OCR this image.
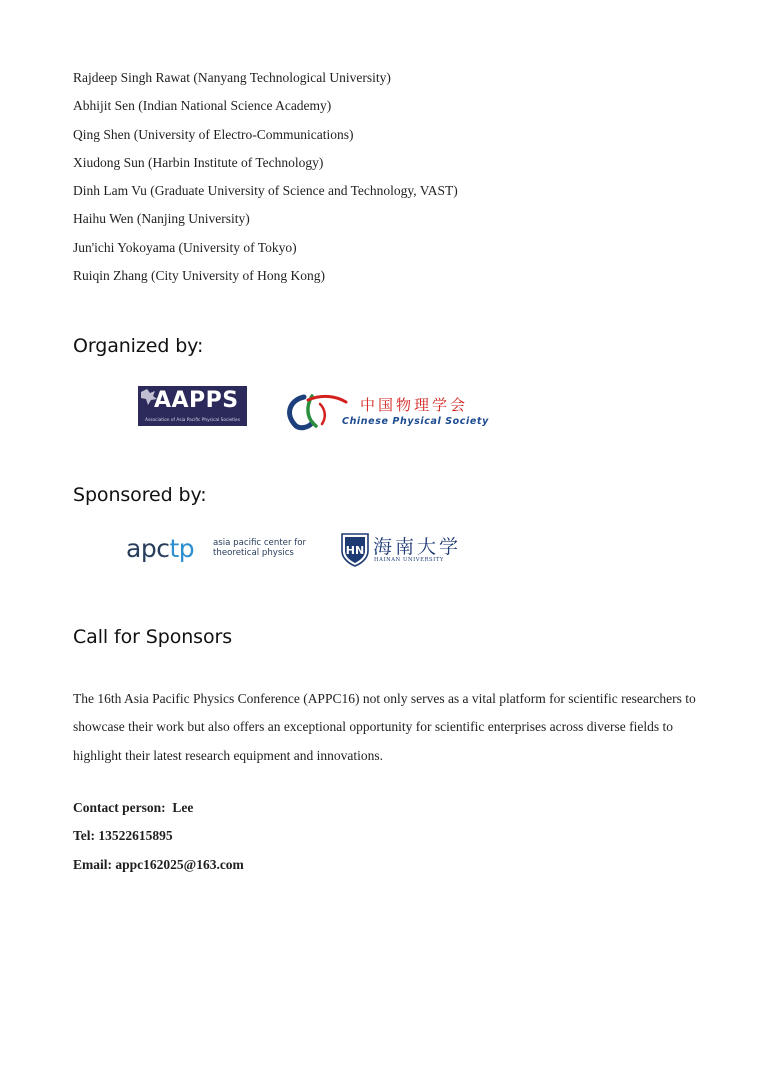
Rajdeep Singh Rawat (Nanyang Technological University)
Abhijit Sen (Indian National Science Academy)
Qing Shen (University of Electro-Communications)
Xiudong Sun (Harbin Institute of Technology)
Dinh Lam Vu (Graduate University of Science and Technology, VAST)
Haihu Wen (Nanjing University)
Jun'ichi Yokoyama (University of Tokyo)
Ruiqin Zhang (City University of Hong Kong)
Organized by:
AAPPS
Association of Asia Pacific Physical Societies
中国物理学会
Chinese Physical Society
Sponsored by:
apctp asia pacific center for
theoretical physics	HN 海南大学
HAINAN UNIVERSITY
Call for Sponsors

The 16th Asia Pacific Physics Conference (APPC16) not only serves as a vital platform for scientific researchers to showcase their work but also offers an exceptional opportunity for scientific enterprises across diverse fields to highlight their latest research equipment and innovations.

Contact person:  Lee
Tel: 13522615895
Email: appc162025@163.com
